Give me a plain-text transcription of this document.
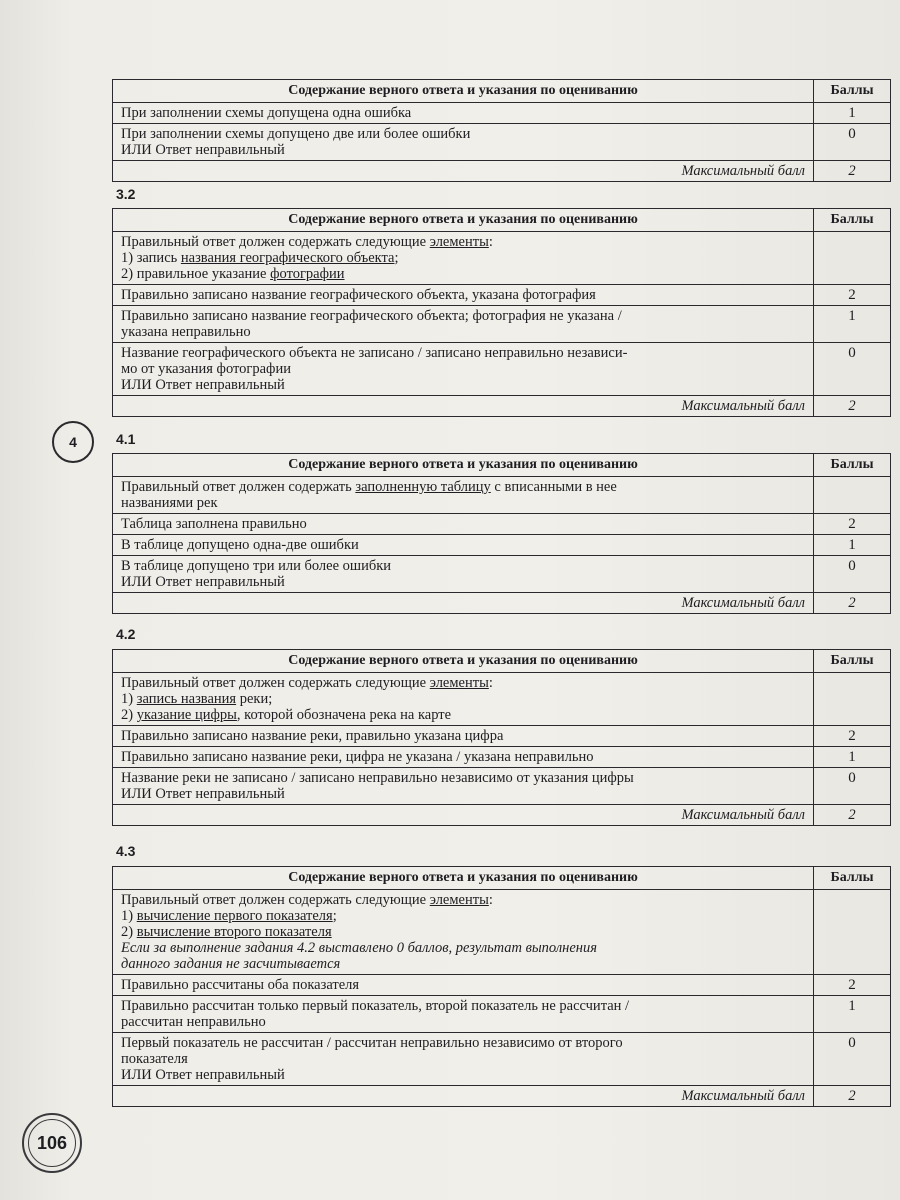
Содержание верного ответа и указания по оцениванию	Баллы

При заполнении схемы допущена одна ошибка	1

При заполнении схемы допущено две или более ошибки
ИЛИ Ответ неправильный	0
Максимальный балл	2
3.2
Содержание верного ответа и указания по оцениванию	Баллы

Правильный ответ должен содержать следующие элементы:
1) запись названия географического объекта;
2) правильное указание фотографии	

Правильно записано название географического объекта, указана фотография	2

Правильно записано название географического объекта; фотография не указана /
указана неправильно	1

Название географического объекта не записано / записано неправильно независи-
мо от указания фотографии
ИЛИ Ответ неправильный	0
Максимальный балл	2
4	4.1
Содержание верного ответа и указания по оцениванию	Баллы

Правильный ответ должен содержать заполненную таблицу с вписанными в нее
названиями рек	

Таблица заполнена правильно	2

В таблице допущено одна-две ошибки	1

В таблице допущено три или более ошибки
ИЛИ Ответ неправильный	0
Максимальный балл	2
4.2
Содержание верного ответа и указания по оцениванию	Баллы

Правильный ответ должен содержать следующие элементы:
1) запись названия реки;
2) указание цифры, которой обозначена река на карте	

Правильно записано название реки, правильно указана цифра	2

Правильно записано название реки, цифра не указана / указана неправильно	1

Название реки не записано / записано неправильно независимо от указания цифры
ИЛИ Ответ неправильный	0
Максимальный балл	2
4.3
Содержание верного ответа и указания по оцениванию	Баллы

Правильный ответ должен содержать следующие элементы:
1) вычисление первого показателя;
2) вычисление второго показателя
Если за выполнение задания 4.2 выставлено 0 баллов, результат выполнения
данного задания не засчитывается	

Правильно рассчитаны оба показателя	2

Правильно рассчитан только первый показатель, второй показатель не рассчитан /
рассчитан неправильно	1

Первый показатель не рассчитан / рассчитан неправильно независимо от второго
показателя
ИЛИ Ответ неправильный	0
Максимальный балл	2
106
